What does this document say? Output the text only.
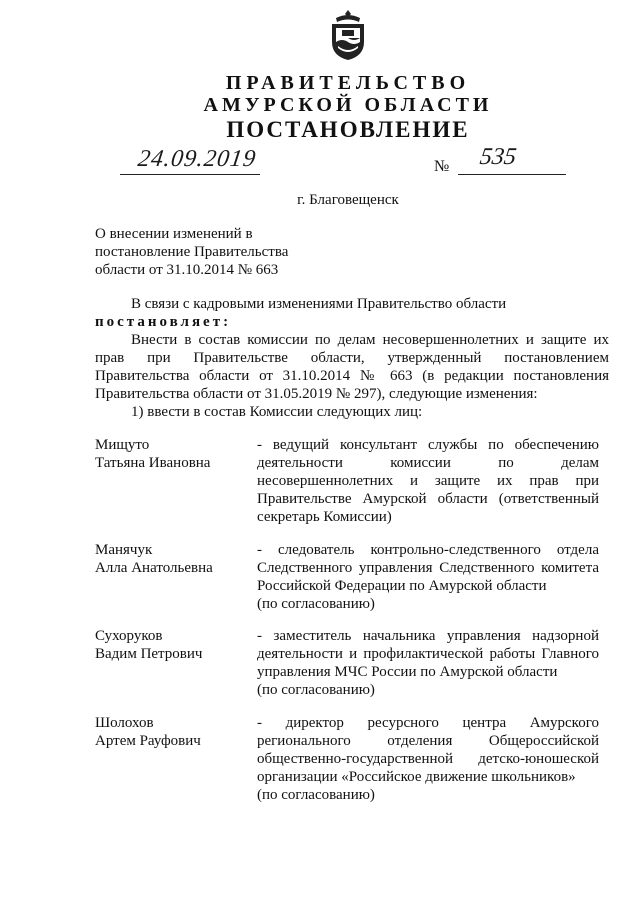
ПРАВИТЕЛЬСТВО
АМУРСКОЙ ОБЛАСТИ
ПОСТАНОВЛЕНИЕ
24.09.2019	№ 535
г. Благовещенск
О внесении изменений в
постановление Правительства
области от 31.10.2014 № 663
В связи с кадровыми изменениями Правительство области
постановляет:
Внести в состав комиссии по делам несовершеннолетних и защите их
прав при Правительстве области, утвержденный постановлением
Правительства области от 31.10.2014 № 663 (в редакции постановления
Правительства области от 31.05.2019 № 297), следующие изменения:
1) ввести в состав Комиссии следующих лиц:
Мищуто
Татьяна Ивановна
- ведущий консультант службы по обеспечению
деятельности комиссии по делам
несовершеннолетних и защите их прав при
Правительстве Амурской области (ответственный
секретарь Комиссии)
Манячук
Алла Анатольевна
- следователь контрольно-следственного отдела
Следственного управления Следственного комитета
Российской Федерации по Амурской области
(по согласованию)
Сухоруков
Вадим Петрович
- заместитель начальника управления надзорной
деятельности и профилактической работы Главного
управления МЧС России по Амурской области
(по согласованию)
Шолохов
Артем Рауфович
- директор ресурсного центра Амурского
регионального отделения Общероссийской
общественно-государственной детско-юношеской
организации «Российское движение школьников»
(по согласованию)
